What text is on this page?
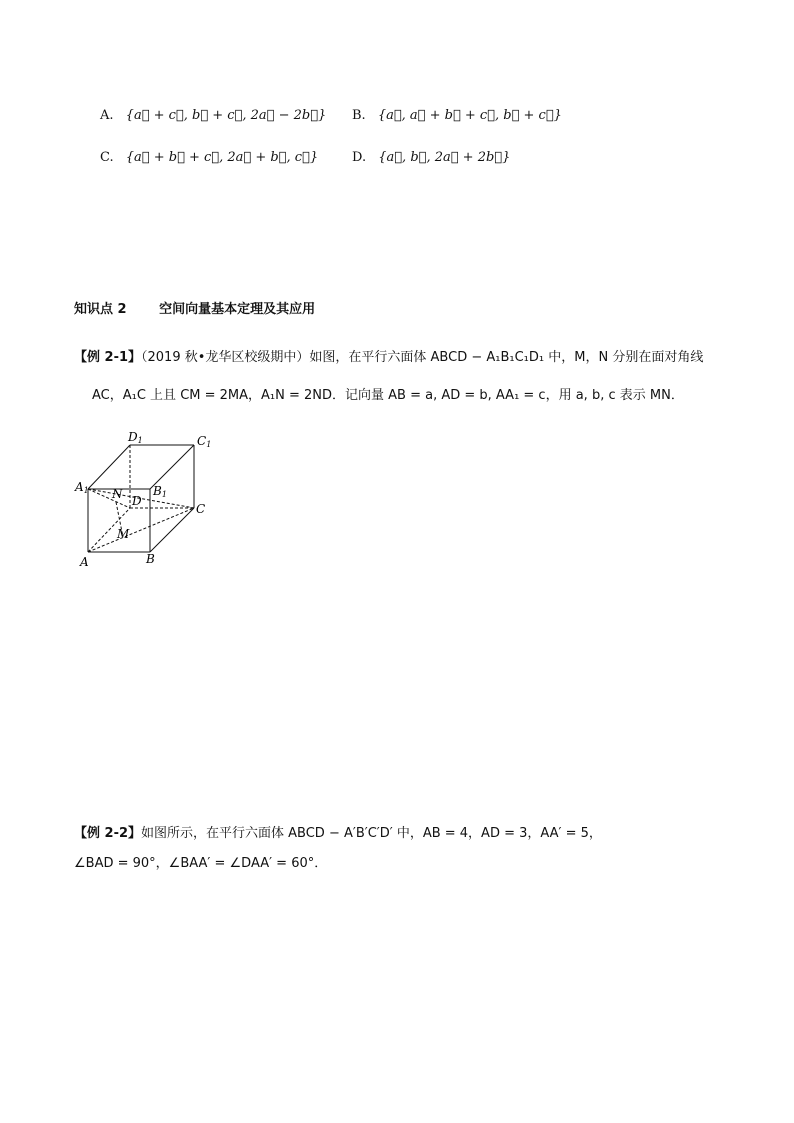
A. {a⃗ + c⃗, b⃗ + c⃗, 2a⃗ − 2b⃗} B. {a⃗, a⃗ + b⃗ + c⃗, b⃗ + c⃗}
C. {a⃗ + b⃗ + c⃗, 2a⃗ + b⃗, c⃗}	D. {a⃗, b⃗, 2a⃗ + 2b⃗}
知识点 2	空间向量基本定理及其应用
【例 2-1】（2019 秋•龙华区校级期中）如图，在平行六面体 ABCD − A₁B₁C₁D₁ 中，M，N 分别在面对角线
AC，A₁C 上且 CM = 2MA，A₁N = 2ND．记向量 AB = a, AD = b, AA₁ = c，用 a, b, c 表示 MN．
D1	C1
A1	B1
N D
C
M
A	B
【例 2-2】如图所示，在平行六面体 ABCD − A′B′C′D′ 中，AB = 4，AD = 3，AA′ = 5，
∠BAD = 90°，∠BAA′ = ∠DAA′ = 60°．
